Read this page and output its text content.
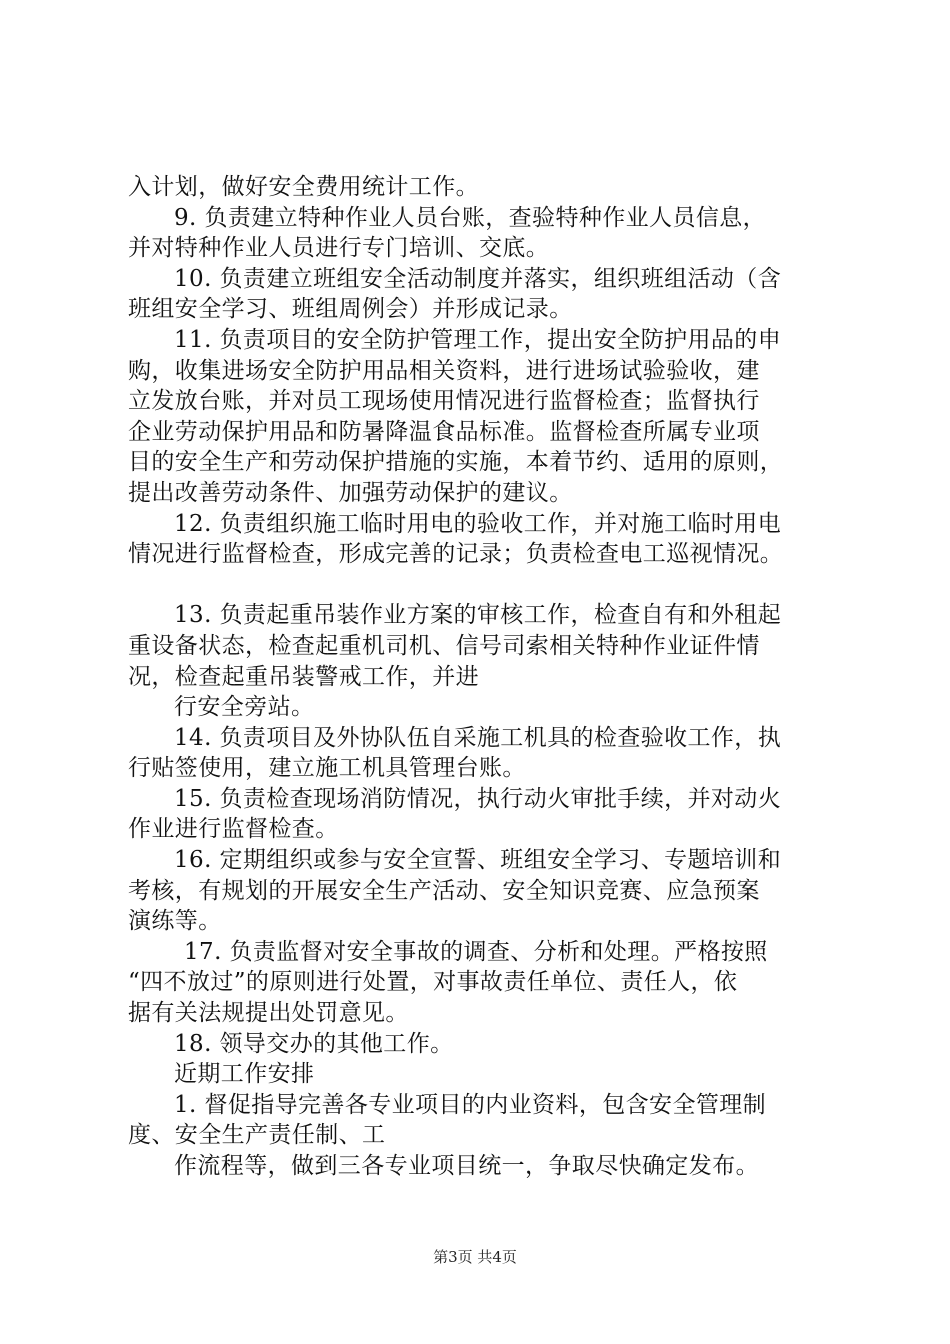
入计划，做好安全费用统计工作。
9. 负责建立特种作业人员台账，查验特种作业人员信息，
并对特种作业人员进行专门培训、交底。
10. 负责建立班组安全活动制度并落实，组织班组活动（含
班组安全学习、班组周例会）并形成记录。
11. 负责项目的安全防护管理工作，提出安全防护用品的申
购，收集进场安全防护用品相关资料，进行进场试验验收，建
立发放台账，并对员工现场使用情况进行监督检查；监督执行
企业劳动保护用品和防暑降温食品标准。监督检查所属专业项
目的安全生产和劳动保护措施的实施，本着节约、适用的原则，
提出改善劳动条件、加强劳动保护的建议。
12. 负责组织施工临时用电的验收工作，并对施工临时用电
情况进行监督检查，形成完善的记录；负责检查电工巡视情况。
13. 负责起重吊装作业方案的审核工作，检查自有和外租起
重设备状态，检查起重机司机、信号司索相关特种作业证件情
况，检查起重吊装警戒工作，并进
行安全旁站。
14. 负责项目及外协队伍自采施工机具的检查验收工作，执
行贴签使用，建立施工机具管理台账。
15. 负责检查现场消防情况，执行动火审批手续，并对动火
作业进行监督检查。
16. 定期组织或参与安全宣誓、班组安全学习、专题培训和
考核，有规划的开展安全生产活动、安全知识竞赛、应急预案
演练等。
17. 负责监督对安全事故的调查、分析和处理。严格按照
“四不放过”的原则进行处置，对事故责任单位、责任人，依
据有关法规提出处罚意见。
18. 领导交办的其他工作。
近期工作安排
1. 督促指导完善各专业项目的内业资料，包含安全管理制
度、安全生产责任制、工
作流程等，做到三各专业项目统一，争取尽快确定发布。
第3页 共4页
